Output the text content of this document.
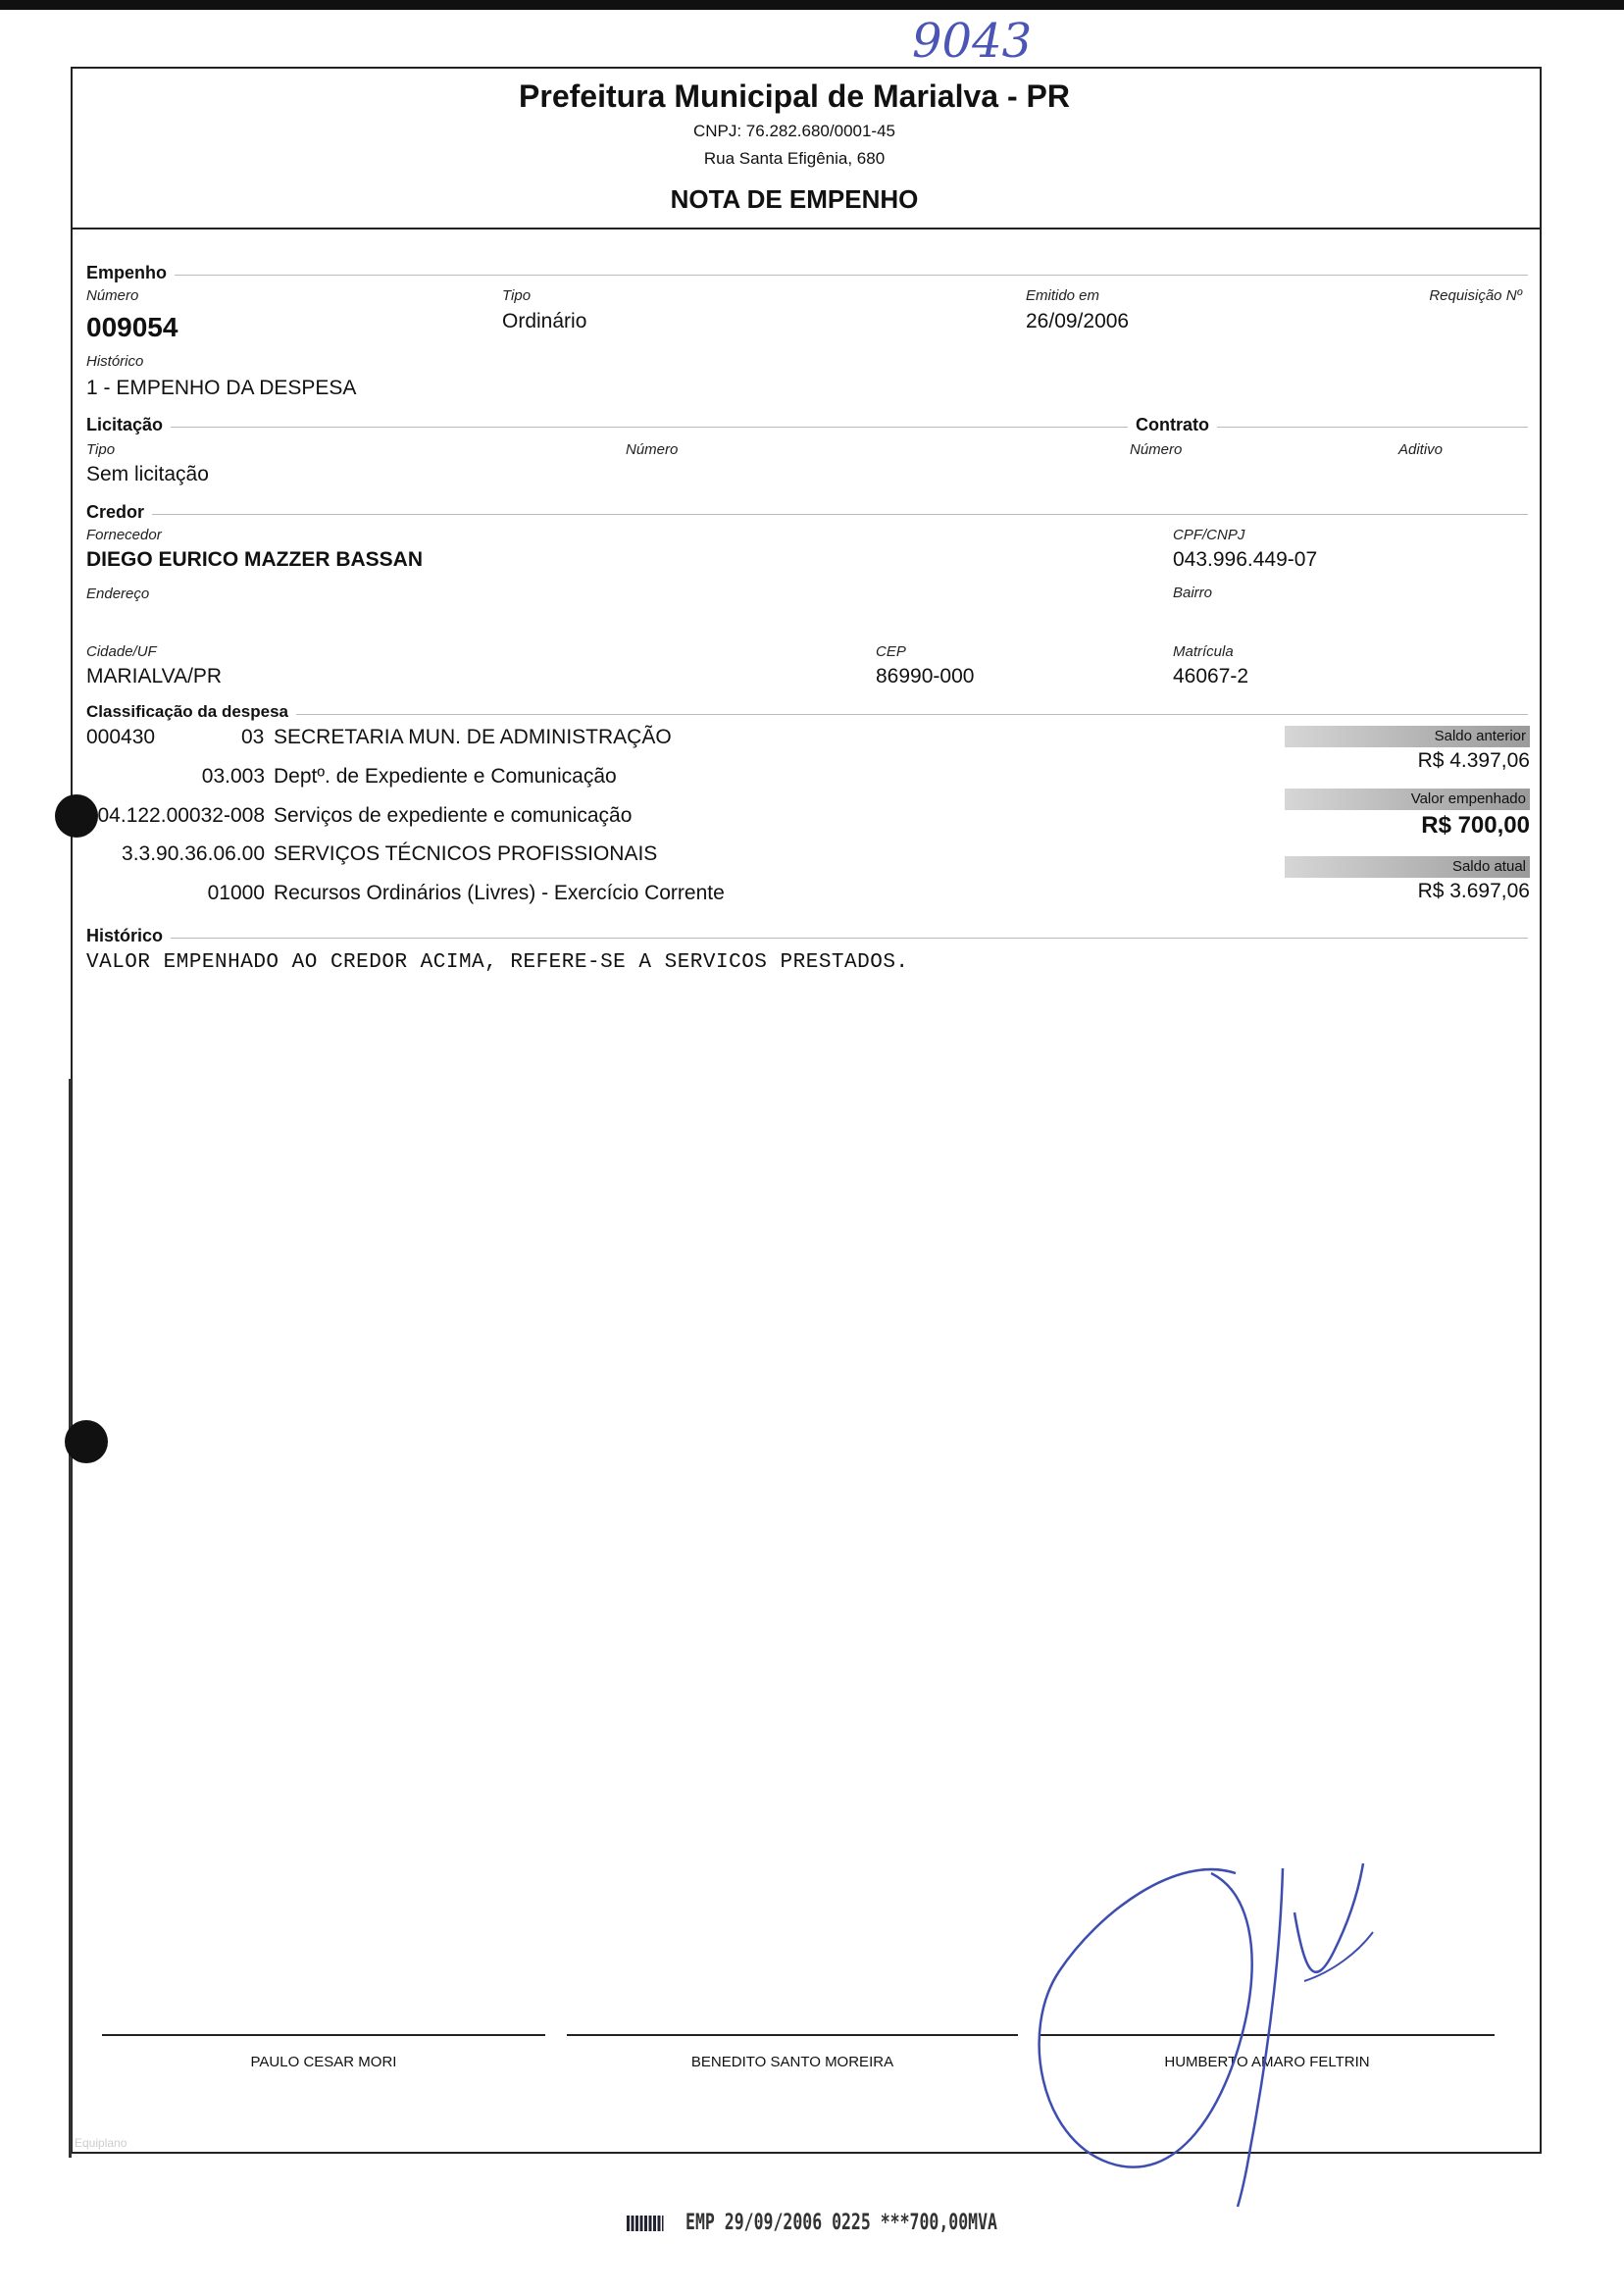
9043
Prefeitura Municipal de Marialva - PR
CNPJ: 76.282.680/0001-45
Rua Santa Efigênia, 680
NOTA DE EMPENHO
Empenho
Número
009054
Tipo
Ordinário
Emitido em
26/09/2006
Requisição Nº
Histórico
1 - EMPENHO DA DESPESA
Licitação	Contrato
Tipo
Sem licitação
Número	Número	Aditivo
Credor
Fornecedor
DIEGO EURICO MAZZER BASSAN
CPF/CNPJ
043.996.449-07
Endereço	Bairro
Cidade/UF
MARIALVA/PR
CEP
86990-000
Matrícula
46067-2
Classificação da despesa
000430	03 SECRETARIA MUN. DE ADMINISTRAÇÃO
03.003 Deptº. de Expediente e Comunicação
04.122.00032-008 Serviços de expediente e comunicação
3.3.90.36.06.00 SERVIÇOS TÉCNICOS PROFISSIONAIS
01000 Recursos Ordinários (Livres) - Exercício Corrente
Saldo anterior
R$ 4.397,06
Valor empenhado
R$ 700,00
Saldo atual
R$ 3.697,06
Histórico
VALOR EMPENHADO AO CREDOR ACIMA, REFERE-SE A SERVICOS PRESTADOS.
PAULO CESAR MORI	BENEDITO SANTO MOREIRA	HUMBERTO AMARO FELTRIN
Equiplano
EMP 29/09/2006 0225 ***700,00MVA
